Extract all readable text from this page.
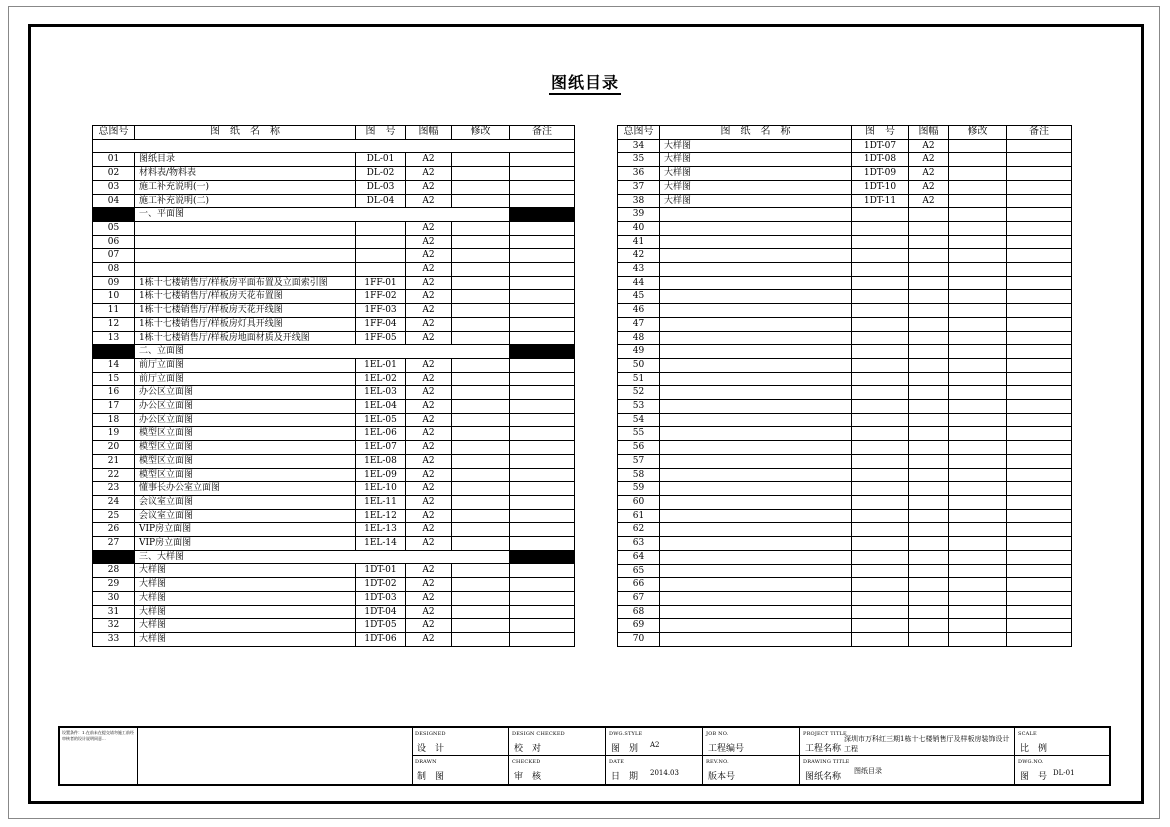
图纸目录
总图号	图　纸　名　称	图　号	图幅	修改	备注

01	图纸目录	DL-01	A2		
02	材料表/物料表	DL-02	A2		
03	施工补充说明(一)	DL-03	A2		
04	施工补充说明(二)	DL-04	A2		
	一、平面图				
05			A2		
06			A2		
07			A2		
08			A2		
09	1栋十七楼销售厅/样板房平面布置及立面索引图	1FF-01	A2		
10	1栋十七楼销售厅/样板房天花布置图	1FF-02	A2		
11	1栋十七楼销售厅/样板房天花开线图	1FF-03	A2		
12	1栋十七楼销售厅/样板房灯具开线图	1FF-04	A2		
13	1栋十七楼销售厅/样板房地面材质及开线图	1FF-05	A2		
	二、立面图				
14	前厅立面图	1EL-01	A2		
15	前厅立面图	1EL-02	A2		
16	办公区立面图	1EL-03	A2		
17	办公区立面图	1EL-04	A2		
18	办公区立面图	1EL-05	A2		
19	模型区立面图	1EL-06	A2		
20	模型区立面图	1EL-07	A2		
21	模型区立面图	1EL-08	A2		
22	模型区立面图	1EL-09	A2		
23	懂事长办公室立面图	1EL-10	A2		
24	会议室立面图	1EL-11	A2		
25	会议室立面图	1EL-12	A2		
26	VIP房立面图	1EL-13	A2		
27	VIP房立面图	1EL-14	A2		
	三、大样图				
28	大样图	1DT-01	A2		
29	大样图	1DT-02	A2		
30	大样图	1DT-03	A2		
31	大样图	1DT-04	A2		
32	大样图	1DT-05	A2		
33	大样图	1DT-06	A2		
总图号	图　纸　名　称	图　号	图幅	修改	备注
34	大样图	1DT-07	A2		
35	大样图	1DT-08	A2		
36	大样图	1DT-09	A2		
37	大样图	1DT-10	A2		
38	大样图	1DT-11	A2		
39					
40					
41					
42					
43					
44					
45					
46					
47					
48					
49					
50					
51					
52					
53					
54					
55					
56					
57					
58					
59					
60					
61					
62					
63					
64					
65					
66					
67					
68					
69					
70					
设置条件：1.在前未在提交请勿施工前经审核者的设计说明同意...
DESIGNED
设　计
DRAWN
制　图
DESIGN CHECKED
校　对
CHECKED
审　核
DWG.STYLE
图　别 A2
DATE
日　期 2014.03
JOB NO.
工程编号
REV.NO.
版本号
PROJECT TITLE
工程名称
深圳市万科红三期1栋十七楼销售厅及样板房装饰设计工程
DRAWING TITLE
图纸名称
图纸目录
SCALE
比　例
DWG.NO.
图　号 DL-01
